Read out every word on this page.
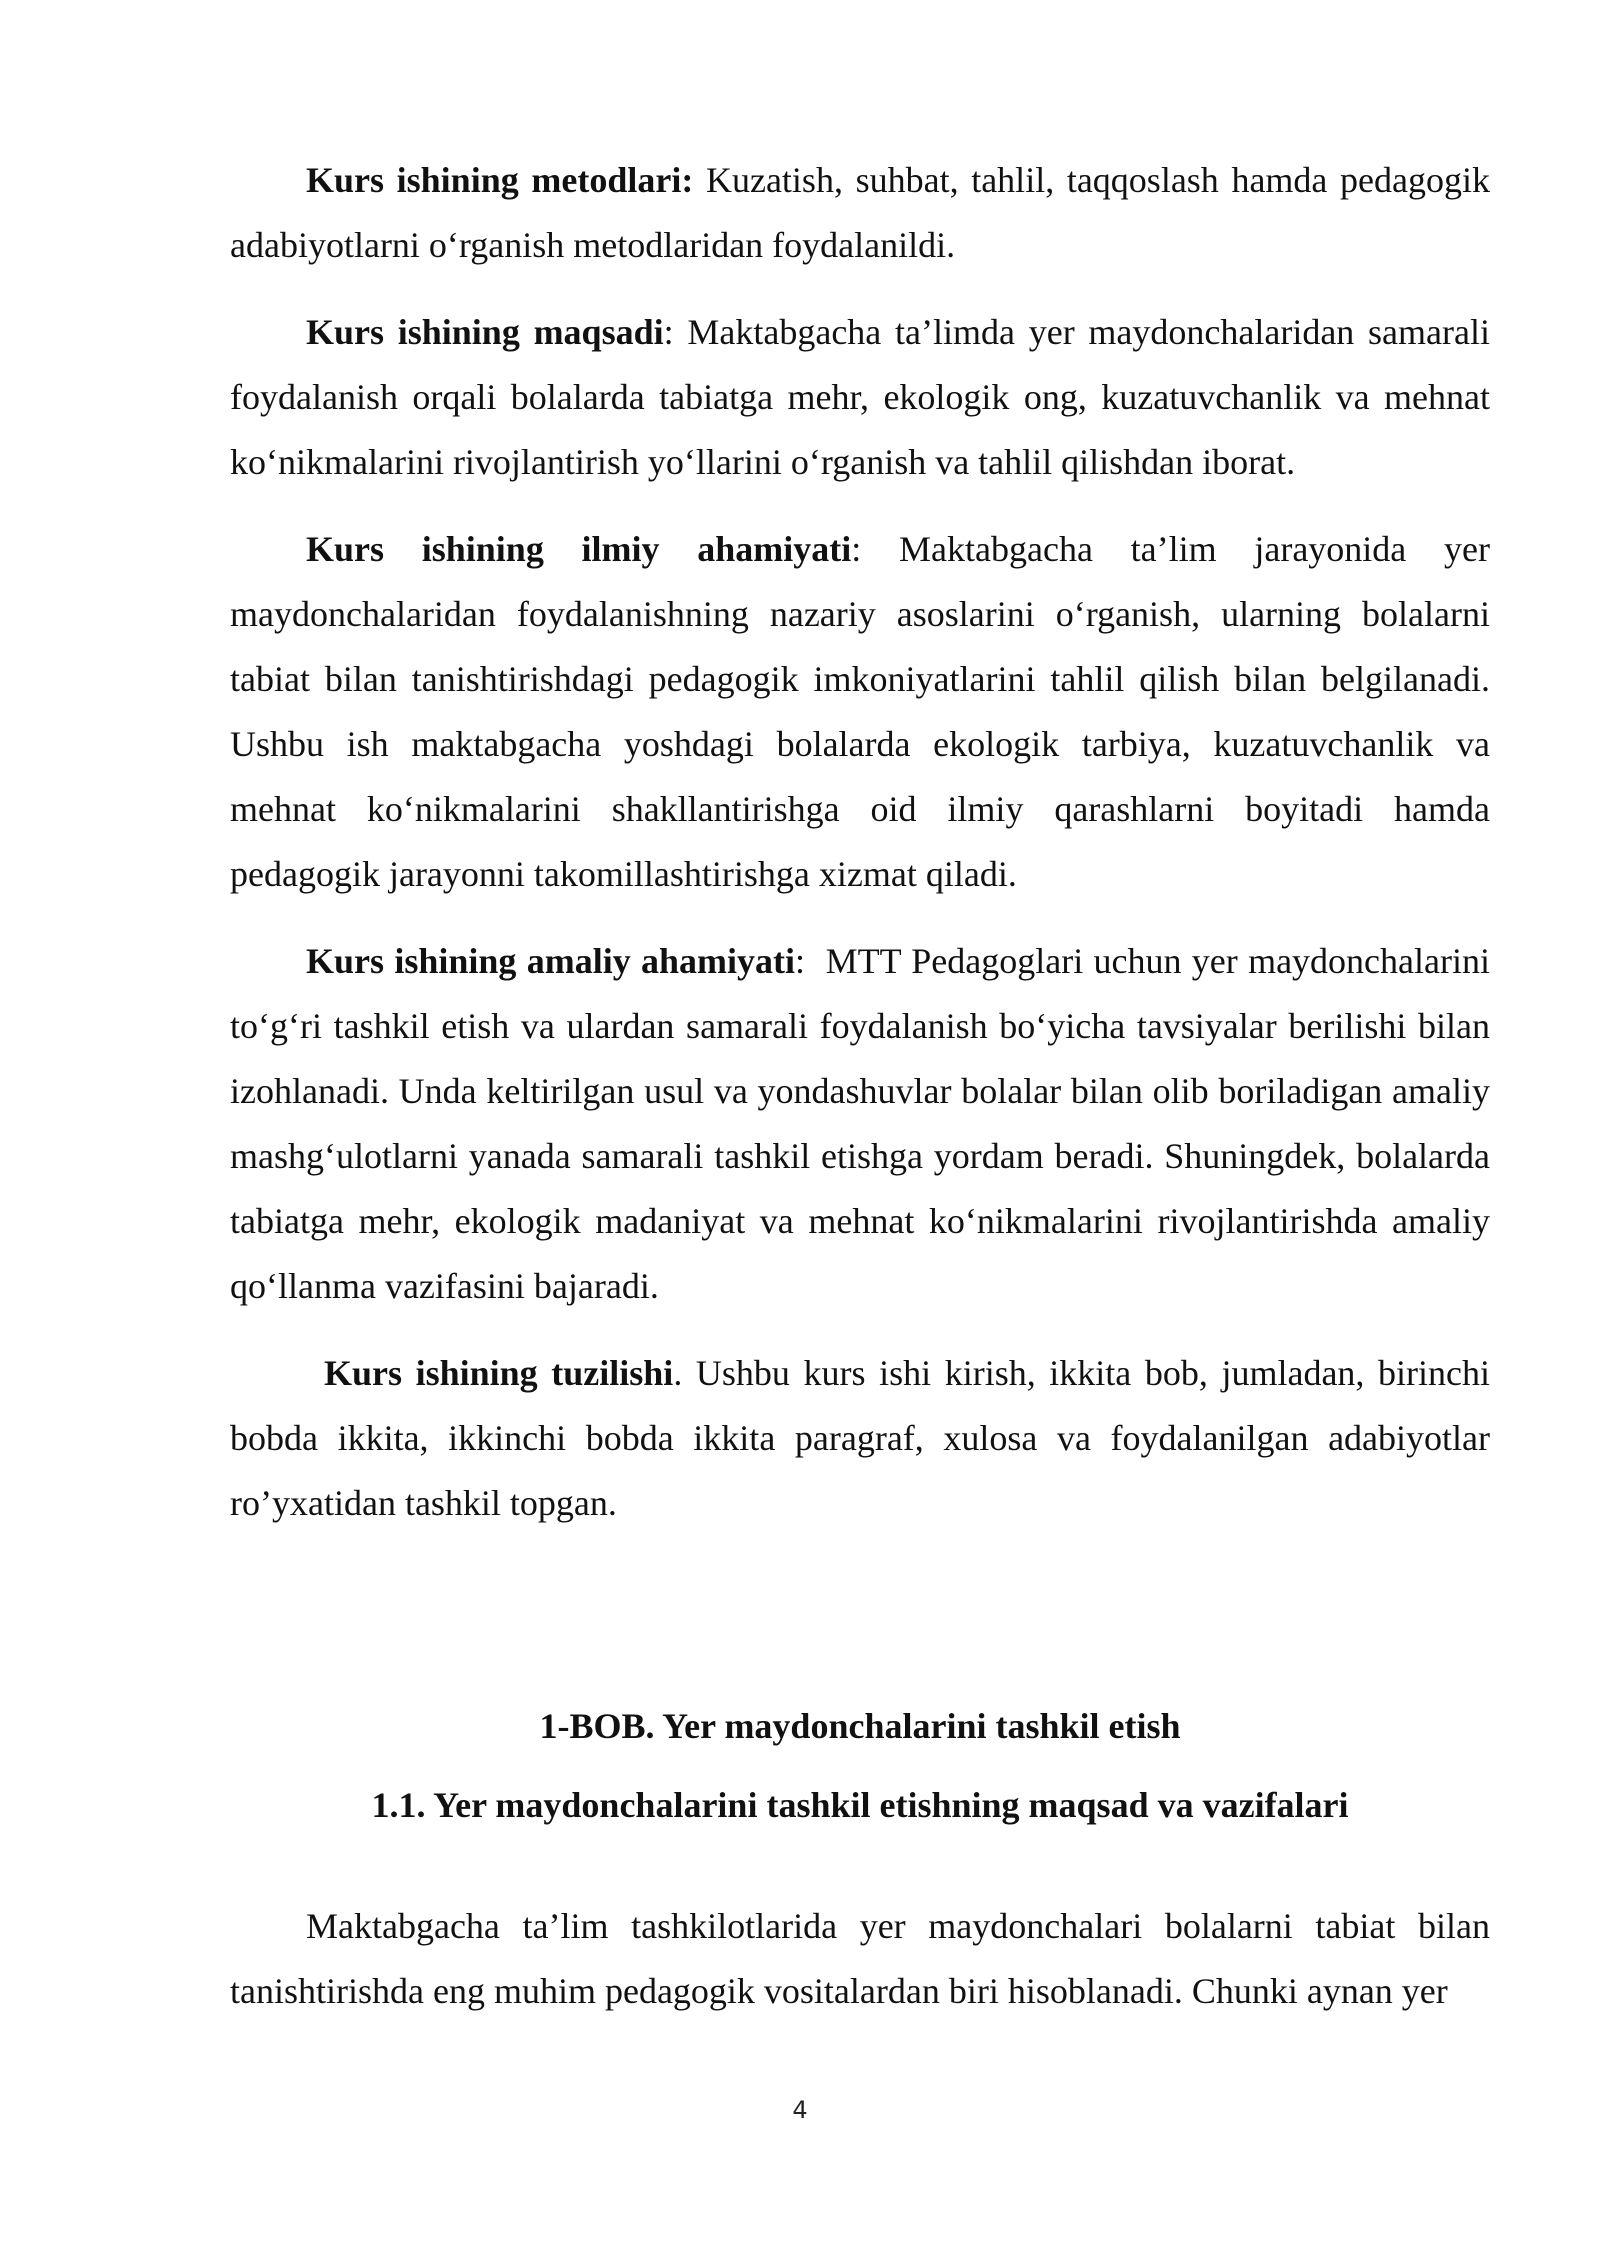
Kurs ishining metodlari: Kuzatish, suhbat, tahlil, taqqoslash hamda pedagogik adabiyotlarni o‘rganish metodlaridan foydalanildi.

Kurs ishining maqsadi: Maktabgacha ta’limda yer maydonchalaridan samarali foydalanish orqali bolalarda tabiatga mehr, ekologik ong, kuzatuvchanlik va mehnat ko‘nikmalarini rivojlantirish yo‘llarini o‘rganish va tahlil qilishdan iborat.

Kurs ishining ilmiy ahamiyati: Maktabgacha ta’lim jarayonida yer maydonchalaridan foydalanishning nazariy asoslarini o‘rganish, ularning bolalarni tabiat bilan tanishtirishdagi pedagogik imkoniyatlarini tahlil qilish bilan belgilanadi. Ushbu ish maktabgacha yoshdagi bolalarda ekologik tarbiya, kuzatuvchanlik va mehnat ko‘nikmalarini shakllantirishga oid ilmiy qarashlarni boyitadi hamda pedagogik jarayonni takomillashtirishga xizmat qiladi.

Kurs ishining amaliy ahamiyati:  MTT Pedagoglari uchun yer maydonchalarini to‘g‘ri tashkil etish va ulardan samarali foydalanish bo‘yicha tavsiyalar berilishi bilan izohlanadi. Unda keltirilgan usul va yondashuvlar bolalar bilan olib boriladigan amaliy mashg‘ulotlarni yanada samarali tashkil etishga yordam beradi. Shuningdek, bolalarda tabiatga mehr, ekologik madaniyat va mehnat ko‘nikmalarini rivojlantirishda amaliy qo‘llanma vazifasini bajaradi.

Kurs ishining tuzilishi. Ushbu kurs ishi kirish, ikkita bob, jumladan, birinchi bobda ikkita, ikkinchi bobda ikkita paragraf, xulosa va foydalanilgan adabiyotlar ro’yxatidan tashkil topgan.

1-BOB. Yer maydonchalarini tashkil etish
1.1. Yer maydonchalarini tashkil etishning maqsad va vazifalari

Maktabgacha ta’lim tashkilotlarida yer maydonchalari bolalarni tabiat bilan tanishtirishda eng muhim pedagogik vositalardan biri hisoblanadi. Chunki aynan yer

4
